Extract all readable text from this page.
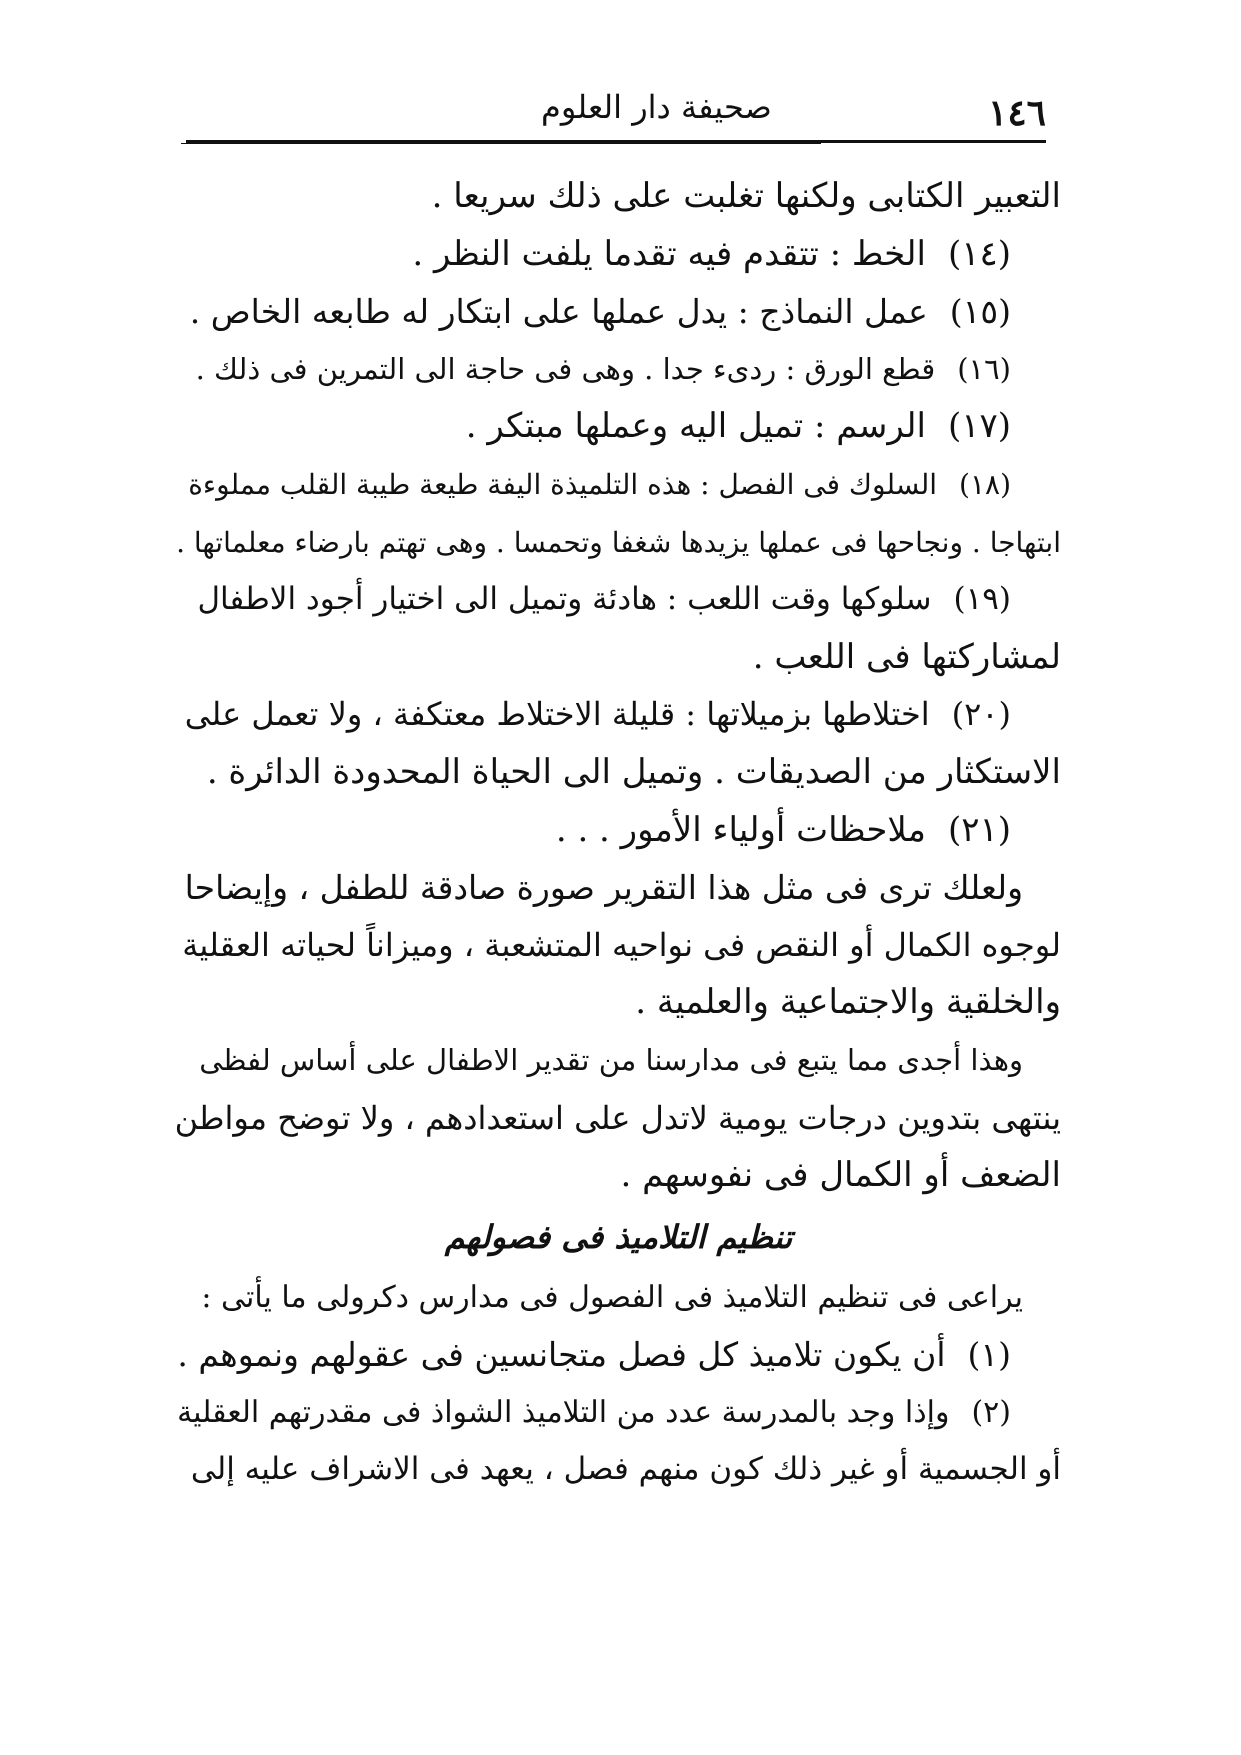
١٤٦
صحيفة دار العلوم
التعبير الكتابى ولكنها تغلبت على ذلك سريعا .
(١٤)الخط : تتقدم فيه تقدما يلفت النظر .
(١٥)عمل النماذج : يدل عملها على ابتكار له طابعه الخاص .
(١٦)قطع الورق : ردىء جدا . وهى فى حاجة الى التمرين فى ذلك .
(١٧)الرسم : تميل اليه وعملها مبتكر .
(١٨)السلوك فى الفصل : هذه التلميذة اليفة طيعة طيبة القلب مملوءة
ابتهاجا . ونجاحها فى عملها يزيدها شغفا وتحمسا . وهى تهتم بارضاء معلماتها .
(١٩)سلوكها وقت اللعب : هادئة وتميل الى اختيار أجود الاطفال
لمشاركتها فى اللعب .
(٢٠)اختلاطها بزميلاتها : قليلة الاختلاط معتكفة ، ولا تعمل على
الاستكثار من الصديقات . وتميل الى الحياة المحدودة الدائرة .
(٢١)ملاحظات أولياء الأمور . . .
ولعلك ترى فى مثل هذا التقرير صورة صادقة للطفل ، وإيضاحا
لوجوه الكمال أو النقص فى نواحيه المتشعبة ، وميزاناً لحياته العقلية
والخلقية والاجتماعية والعلمية .
وهذا أجدى مما يتبع فى مدارسنا من تقدير الاطفال على أساس لفظى
ينتهى بتدوين درجات يومية لاتدل على استعدادهم ، ولا توضح مواطن
الضعف أو الكمال فى نفوسهم .
تنظيم التلاميذ فى فصولهم
يراعى فى تنظيم التلاميذ فى الفصول فى مدارس دكرولى ما يأتى :
(١)أن يكون تلاميذ كل فصل متجانسين فى عقولهم ونموهم .
(٢)وإذا وجد بالمدرسة عدد من التلاميذ الشواذ فى مقدرتهم العقلية
أو الجسمية أو غير ذلك كون منهم فصل ، يعهد فى الاشراف عليه إلى
